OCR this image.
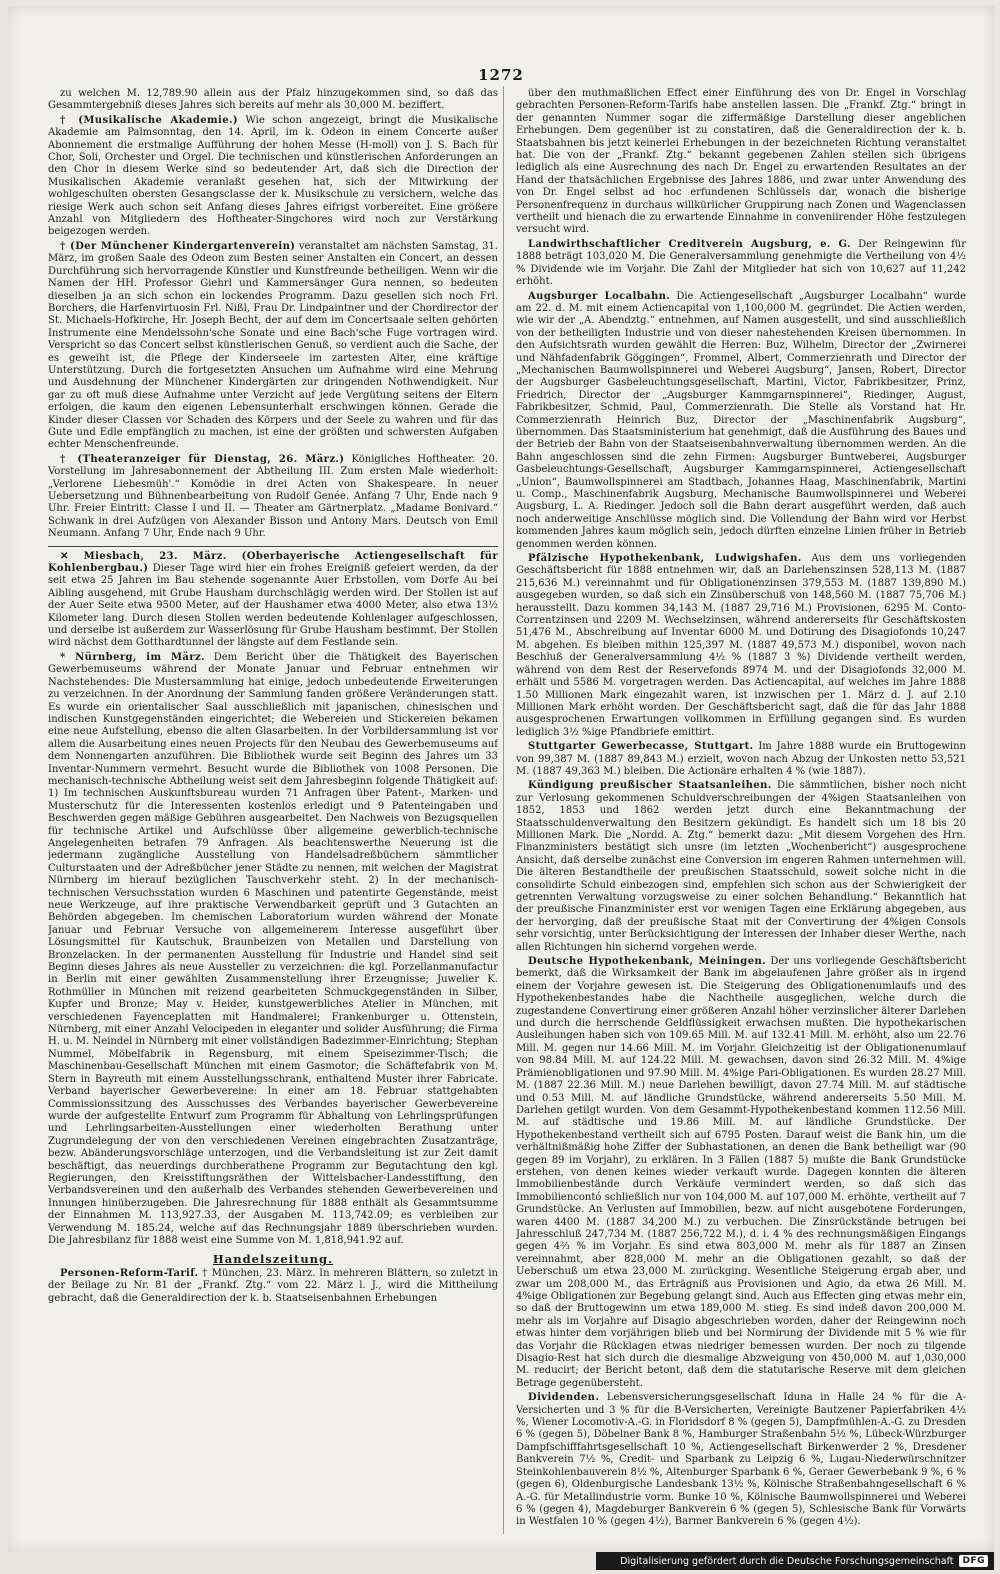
1272

zu welchen M. 12,789.90 allein aus der Pfalz hinzugekommen sind, so daß das Gesammtergebniß dieses Jahres sich bereits auf mehr als 30,000 M. beziffert.

† (Musikalische Akademie.) Wie schon angezeigt, bringt die Musikalische Akademie am Palmsonntag, den 14. April, im k. Odeon in einem Concerte außer Abonnement die erstmalige Aufführung der hohen Messe (H-moll) von J. S. Bach für Chor, Soli, Orchester und Orgel. Die technischen und künstlerischen Anforderungen an den Chor in diesem Werke sind so bedeutender Art, daß sich die Direction der Musikalischen Akademie veranlaßt gesehen hat, sich der Mitwirkung der wohlgeschulten obersten Gesangsclasse der k. Musikschule zu versichern, welche das riesige Werk auch schon seit Anfang dieses Jahres eifrigst vorbereitet. Eine größere Anzahl von Mitgliedern des Hoftheater-Singchores wird noch zur Verstärkung beigezogen werden.

† (Der Münchener Kindergartenverein) veranstaltet am nächsten Samstag, 31. März, im großen Saale des Odeon zum Besten seiner Anstalten ein Concert, an dessen Durchführung sich hervorragende Künstler und Kunstfreunde betheiligen. Wenn wir die Namen der HH. Professor Giehrl und Kammersänger Gura nennen, so bedeuten dieselben ja an sich schon ein lockendes Programm. Dazu gesellen sich noch Frl. Borchers, die Harfenvirtuosin Frl. Nißl, Frau Dr. Lindpaintner und der Chordirector der St. Michaels-Hofkirche, Hr. Joseph Becht, der auf dem im Concertsaale selten gehörten Instrumente eine Mendelssohn'sche Sonate und eine Bach'sche Fuge vortragen wird. Verspricht so das Concert selbst künstlerischen Genuß, so verdient auch die Sache, der es geweiht ist, die Pflege der Kinderseele im zartesten Alter, eine kräftige Unterstützung. Durch die fortgesetzten Ansuchen um Aufnahme wird eine Mehrung und Ausdehnung der Münchener Kindergärten zur dringenden Nothwendigkeit. Nur gar zu oft muß diese Aufnahme unter Verzicht auf jede Vergütung seitens der Eltern erfolgen, die kaum den eigenen Lebensunterhalt erschwingen können. Gerade die Kinder dieser Classen vor Schaden des Körpers und der Seele zu wahren und für das Gute und Edle empfänglich zu machen, ist eine der größten und schwersten Aufgaben echter Menschenfreunde.

† (Theateranzeiger für Dienstag, 26. März.) Königliches Hoftheater. 20. Vorstellung im Jahresabonnement der Abtheilung III. Zum ersten Male wiederholt: „Verlorene Liebesmüh'.“ Komödie in drei Acten von Shakespeare. In neuer Uebersetzung und Bühnenbearbeitung von Rudolf Genée. Anfang 7 Uhr, Ende nach 9 Uhr. Freier Eintritt: Classe I und II. — Theater am Gärtnerplatz. „Madame Bonivard.“ Schwank in drei Aufzügen von Alexander Bisson und Antony Mars. Deutsch von Emil Neumann. Anfang 7 Uhr, Ende nach 9 Uhr.

✕ Miesbach, 23. März. (Oberbayerische Actiengesellschaft für Kohlenbergbau.) Dieser Tage wird hier ein frohes Ereigniß gefeiert werden, da der seit etwa 25 Jahren im Bau stehende sogenannte Auer Erbstollen, vom Dorfe Au bei Aibling ausgehend, mit Grube Hausham durchschlägig werden wird. Der Stollen ist auf der Auer Seite etwa 9500 Meter, auf der Haushamer etwa 4000 Meter, also etwa 13½ Kilometer lang. Durch diesen Stollen werden bedeutende Kohlenlager aufgeschlossen, und derselbe ist außerdem zur Wasserlösung für Grube Hausham bestimmt. Der Stollen wird nächst dem Gotthardtunnel der längste auf dem Festlande sein.

* Nürnberg, im März. Dem Bericht über die Thätigkeit des Bayerischen Gewerbemuseums während der Monate Januar und Februar entnehmen wir Nachstehendes: Die Mustersammlung hat einige, jedoch unbedeutende Erweiterungen zu verzeichnen. In der Anordnung der Sammlung fanden größere Veränderungen statt. Es wurde ein orientalischer Saal ausschließlich mit japanischen, chinesischen und indischen Kunstgegenständen eingerichtet; die Webereien und Stickereien bekamen eine neue Aufstellung, ebenso die alten Glasarbeiten. In der Vorbildersammlung ist vor allem die Ausarbeitung eines neuen Projects für den Neubau des Gewerbemuseums auf dem Nonnengarten anzuführen. Die Bibliothek wurde seit Beginn des Jahres um 33 Inventar-Nummern vermehrt. Besucht wurde die Bibliothek von 1008 Personen. Die mechanisch-technische Abtheilung weist seit dem Jahresbeginn folgende Thätigkeit auf: 1) Im technischen Auskunftsbureau wurden 71 Anfragen über Patent-, Marken- und Musterschutz für die Interessenten kostenlos erledigt und 9 Patenteingaben und Beschwerden gegen mäßige Gebühren ausgearbeitet. Den Nachweis von Bezugsquellen für technische Artikel und Aufschlüsse über allgemeine gewerblich-technische Angelegenheiten betrafen 79 Anfragen. Als beachtenswerthe Neuerung ist die jedermann zugängliche Ausstellung von Handelsadreßbüchern sämmtlicher Culturstaaten und der Adreßbücher jener Städte zu nennen, mit welchen der Magistrat Nürnberg im hierauf bezüglichen Tauschverkehr steht. 2) In der mechanisch-technischen Versuchsstation wurden 6 Maschinen und patentirte Gegenstände, meist neue Werkzeuge, auf ihre praktische Verwendbarkeit geprüft und 3 Gutachten an Behörden abgegeben. Im chemischen Laboratorium wurden während der Monate Januar und Februar Versuche von allgemeinerem Interesse ausgeführt über Lösungsmittel für Kautschuk, Braunbeizen von Metallen und Darstellung von Bronzelacken. In der permanenten Ausstellung für Industrie und Handel sind seit Beginn dieses Jahres als neue Aussteller zu verzeichnen: die kgl. Porzellanmanufactur in Berlin mit einer gewählten Zusammenstellung ihrer Erzeugnisse; Juwelier K. Rothmüller in München mit reizend gearbeiteten Schmuckgegenständen in Silber, Kupfer und Bronze; May v. Heider, kunstgewerbliches Atelier in München, mit verschiedenen Fayenceplatten mit Handmalerei; Frankenburger u. Ottenstein, Nürnberg, mit einer Anzahl Velocipeden in eleganter und solider Ausführung; die Firma H. u. M. Neindel in Nürnberg mit einer vollständigen Badezimmer-Einrichtung; Stephan Nummel, Möbelfabrik in Regensburg, mit einem Speisezimmer-Tisch; die Maschinenbau-Gesellschaft München mit einem Gasmotor; die Schäftefabrik von M. Stern in Bayreuth mit einem Ausstellungsschrank, enthaltend Muster ihrer Fabricate. Verband bayerischer Gewerbevereine: In einer am 18. Februar stattgehabten Commissionssitzung des Ausschusses des Verbandes bayerischer Gewerbevereine wurde der aufgestellte Entwurf zum Programm für Abhaltung von Lehrlingsprüfungen und Lehrlingsarbeiten-Ausstellungen einer wiederholten Berathung unter Zugrundelegung der von den verschiedenen Vereinen eingebrachten Zusatzanträge, bezw. Abänderungsvorschläge unterzogen, und die Verbandsleitung ist zur Zeit damit beschäftigt, das neuerdings durchberathene Programm zur Begutachtung den kgl. Regierungen, den Kreisstiftungsräthen der Wittelsbacher-Landesstiftung, den Verbandsvereinen und den außerhalb des Verbandes stehenden Gewerbevereinen und Innungen hinüberzugeben. Die Jahresrechnung für 1888 enthält als Gesammtsumme der Einnahmen M. 113,927.33, der Ausgaben M. 113,742.09; es verbleiben zur Verwendung M. 185.24, welche auf das Rechnungsjahr 1889 überschrieben wurden. Die Jahresbilanz für 1888 weist eine Summe von M. 1,818,941.92 auf.

Handelszeitung.

Personen-Reform-Tarif. † München, 23. März. In mehreren Blättern, so zuletzt in der Beilage zu Nr. 81 der „Frankf. Ztg.“ vom 22. März l. J., wird die Mittheilung gebracht, daß die Generaldirection der k. b. Staatseisenbahnen Erhebungen

über den muthmaßlichen Effect einer Einführung des von Dr. Engel in Vorschlag gebrachten Personen-Reform-Tarifs habe anstellen lassen. Die „Frankf. Ztg.“ bringt in der genannten Nummer sogar die ziffermäßige Darstellung dieser angeblichen Erhebungen. Dem gegenüber ist zu constatiren, daß die Generaldirection der k. b. Staatsbahnen bis jetzt keinerlei Erhebungen in der bezeichneten Richtung veranstaltet hat. Die von der „Frankf. Ztg.“ bekannt gegebenen Zahlen stellen sich übrigens lediglich als eine Ausrechnung des nach Dr. Engel zu erwartenden Resultates an der Hand der thatsächlichen Ergebnisse des Jahres 1886, und zwar unter Anwendung des von Dr. Engel selbst ad hoc erfundenen Schlüssels dar, wonach die bisherige Personenfrequenz in durchaus willkürlicher Gruppirung nach Zonen und Wagenclassen vertheilt und hienach die zu erwartende Einnahme in conveniirender Höhe festzulegen versucht wird.

Landwirthschaftlicher Creditverein Augsburg, e. G. Der Reingewinn für 1888 beträgt 103,020 M. Die Generalversammlung genehmigte die Vertheilung von 4½ % Dividende wie im Vorjahr. Die Zahl der Mitglieder hat sich von 10,627 auf 11,242 erhöht.

Augsburger Localbahn. Die Actiengesellschaft „Augsburger Localbahn“ wurde am 22. d. M. mit einem Actiencapital von 1,100,000 M. gegründet. Die Actien werden, wie wir der „A. Abendztg.“ entnehmen, auf Namen ausgestellt, und sind ausschließlich von der betheiligten Industrie und von dieser nahestehenden Kreisen übernommen. In den Aufsichtsrath wurden gewählt die Herren: Buz, Wilhelm, Director der „Zwirnerei und Nähfadenfabrik Göggingen“, Frommel, Albert, Commerzienrath und Director der „Mechanischen Baumwollspinnerei und Weberei Augsburg“, Jansen, Robert, Director der Augsburger Gasbeleuchtungsgesellschaft, Martini, Victor, Fabrikbesitzer, Prinz, Friedrich, Director der „Augsburger Kammgarnspinnerei“, Riedinger, August, Fabrikbesitzer, Schmid, Paul, Commerzienrath. Die Stelle als Vorstand hat Hr. Commerzienrath Heinrich Buz, Director der „Maschinenfabrik Augsburg“, übernommen. Das Staatsministerium hat genehmigt, daß die Ausführung des Baues und der Betrieb der Bahn von der Staatseisenbahnverwaltung übernommen werden. An die Bahn angeschlossen sind die zehn Firmen: Augsburger Buntweberei, Augsburger Gasbeleuchtungs-Gesellschaft, Augsburger Kammgarnspinnerei, Actiengesellschaft „Union“, Baumwollspinnerei am Stadtbach, Johannes Haag, Maschinenfabrik, Martini u. Comp., Maschinenfabrik Augsburg, Mechanische Baumwollspinnerei und Weberei Augsburg, L. A. Riedinger. Jedoch soll die Bahn derart ausgeführt werden, daß auch noch anderweitige Anschlüsse möglich sind. Die Vollendung der Bahn wird vor Herbst kommenden Jahres kaum möglich sein, jedoch dürften einzelne Linien früher in Betrieb genommen werden können.

Pfälzische Hypothekenbank, Ludwigshafen. Aus dem uns vorliegenden Geschäftsbericht für 1888 entnehmen wir, daß an Darlehenszinsen 528,113 M. (1887 215,636 M.) vereinnahmt und für Obligationenzinsen 379,553 M. (1887 139,890 M.) ausgegeben wurden, so daß sich ein Zinsüberschuß von 148,560 M. (1887 75,706 M.) herausstellt. Dazu kommen 34,143 M. (1887 29,716 M.) Provisionen, 6295 M. Conto-Correntzinsen und 2209 M. Wechselzinsen, während andererseits für Geschäftskosten 51,476 M., Abschreibung auf Inventar 6000 M. und Dotirung des Disagiofonds 10,247 M. abgehen. Es bleiben mithin 125,397 M. (1887 49,573 M.) disponibel, wovon nach Beschluß der Generalversammlung 4½ % (1887 3 %) Dividende vertheilt werden, während von dem Rest der Reservefonds 8974 M. und der Disagiofonds 32,000 M. erhält und 5586 M. vorgetragen werden. Das Actiencapital, auf welches im Jahre 1888 1.50 Millionen Mark eingezahlt waren, ist inzwischen per 1. März d. J. auf 2.10 Millionen Mark erhöht worden. Der Geschäftsbericht sagt, daß die für das Jahr 1888 ausgesprochenen Erwartungen vollkommen in Erfüllung gegangen sind. Es wurden lediglich 3½ %ige Pfandbriefe emittirt.

Stuttgarter Gewerbecasse, Stuttgart. Im Jahre 1888 wurde ein Bruttogewinn von 99,387 M. (1887 89,843 M.) erzielt, wovon nach Abzug der Unkosten netto 53,521 M. (1887 49,363 M.) bleiben. Die Actionäre erhalten 4 % (wie 1887).

Kündigung preußischer Staatsanleihen. Die sämmtlichen, bisher noch nicht zur Verlosung gekommenen Schuldverschreibungen der 4%igen Staatsanleihen von 1852, 1853 und 1862 werden jetzt durch eine Bekanntmachung der Staatsschuldenverwaltung den Besitzern gekündigt. Es handelt sich um 18 bis 20 Millionen Mark. Die „Nordd. A. Ztg.“ bemerkt dazu: „Mit diesem Vorgehen des Hrn. Finanzministers bestätigt sich unsre (im letzten „Wochenbericht“) ausgesprochene Ansicht, daß derselbe zunächst eine Conversion im engeren Rahmen unternehmen will. Die älteren Bestandtheile der preußischen Staatsschuld, soweit solche nicht in die consolidirte Schuld einbezogen sind, empfehlen sich schon aus der Schwierigkeit der getrennten Verwaltung vorzugsweise zu einer solchen Behandlung.“ Bekanntlich hat der preußische Finanzminister erst vor wenigen Tagen eine Erklärung abgegeben, aus der hervorging, daß der preußische Staat mit der Convertirung der 4%igen Consols sehr vorsichtig, unter Berücksichtigung der Interessen der Inhaber dieser Werthe, nach allen Richtungen hin sichernd vorgehen werde.

Deutsche Hypothekenbank, Meiningen. Der uns vorliegende Geschäftsbericht bemerkt, daß die Wirksamkeit der Bank im abgelaufenen Jahre größer als in irgend einem der Vorjahre gewesen ist. Die Steigerung des Obligationenumlaufs und des Hypothekenbestandes habe die Nachtheile ausgeglichen, welche durch die zugestandene Convertirung einer größeren Anzahl höher verzinslicher älterer Darlehen und durch die herrschende Geldflüssigkeit erwachsen mußten. Die hypothekarischen Ausleihungen haben sich von 109.65 Mill. M. auf 132.41 Mill. M. erhöht, also um 22.76 Mill. M. gegen nur 14.66 Mill. M. im Vorjahr. Gleichzeitig ist der Obligationenumlauf von 98.84 Mill. M. auf 124.22 Mill. M. gewachsen, davon sind 26.32 Mill. M. 4%ige Prämienobligationen und 97.90 Mill. M. 4%ige Pari-Obligationen. Es wurden 28.27 Mill. M. (1887 22.36 Mill. M.) neue Darlehen bewilligt, davon 27.74 Mill. M. auf städtische und 0.53 Mill. M. auf ländliche Grundstücke, während andererseits 5.50 Mill. M. Darlehen getilgt wurden. Von dem Gesammt-Hypothekenbestand kommen 112.56 Mill. M. auf städtische und 19.86 Mill. M. auf ländliche Grundstücke. Der Hypothekenbestand vertheilt sich auf 6795 Posten. Darauf weist die Bank hin, um die verhältnißmäßig hohe Ziffer der Subhastationen, an denen die Bank betheiligt war (90 gegen 89 im Vorjahr), zu erklären. In 3 Fällen (1887 5) mußte die Bank Grundstücke erstehen, von denen keines wieder verkauft wurde. Dagegen konnten die älteren Immobilienbestände durch Verkäufe vermindert werden, so daß sich das Immobiliencontó schließlich nur von 104,000 M. auf 107,000 M. erhöhte, vertheilt auf 7 Grundstücke. An Verlusten auf Immobilien, bezw. auf nicht ausgebotene Forderungen, waren 4400 M. (1887 34,200 M.) zu verbuchen. Die Zinsrückstände betrugen bei Jahresschluß 247,734 M. (1887 256,722 M.), d. i. 4 % des rechnungsmäßigen Eingangs gegen 4⅔ % im Vorjahr. Es sind etwa 803,000 M. mehr als für 1887 an Zinsen vereinnahmt, aber 828,000 M. mehr an die Obligationen gezahlt, so daß der Ueberschuß um etwa 23,000 M. zurückging. Wesentliche Steigerung ergab aber, und zwar um 208,000 M., das Erträgniß aus Provisionen und Agio, da etwa 26 Mill. M. 4%ige Obligationen zur Begebung gelangt sind. Auch aus Effecten ging etwas mehr ein, so daß der Bruttogewinn um etwa 189,000 M. stieg. Es sind indeß davon 200,000 M. mehr als im Vorjahre auf Disagio abgeschrieben worden, daher der Reingewinn noch etwas hinter dem vorjährigen blieb und bei Normirung der Dividende mit 5 % wie für das Vorjahr die Rücklagen etwas niedriger bemessen wurden. Der noch zu tilgende Disagio-Rest hat sich durch die diesmalige Abzweigung von 450,000 M. auf 1,030,000 M. reducirt; der Bericht betont, daß dem die statutarische Reserve mit dem gleichen Betrage gegenübersteht.

Dividenden. Lebensversicherungsgesellschaft Iduna in Halle 24 % für die A-Versicherten und 3 % für die B-Versicherten, Vereinigte Bautzener Papierfabriken 4½ %, Wiener Locomotiv-A.-G. in Floridsdorf 8 % (gegen 5), Dampfmühlen-A.-G. zu Dresden 6 % (gegen 5), Döbelner Bank 8 %, Hamburger Straßenbahn 5½ %, Lübeck-Würzburger Dampfschifffahrtsgesellschaft 10 %, Actiengesellschaft Birkenwerder 2 %, Dresdener Bankverein 7½ %, Credit- und Sparbank zu Leipzig 6 %, Lugau-Niederwürschnitzer Steinkohlenbauverein 8½ %, Altenburger Sparbank 6 %, Geraer Gewerbebank 9 %, 6 % (gegen 6), Oldenburgische Landesbank 13½ %, Kölnische Straßenbahngesellschaft 6 % A.-G. für Metallindustrie vorm. Bunke 10 %, Kölnische Baumwollspinnerei und Weberei 6 % (gegen 4), Magdeburger Bankverein 6 % (gegen 5), Schlesische Bank für Vorwärts in Westfalen 10 % (gegen 4½), Barmer Bankverein 6 % (gegen 4½).

Digitalisierung gefördert durch die Deutsche Forschungsgemeinschaft	DFG
